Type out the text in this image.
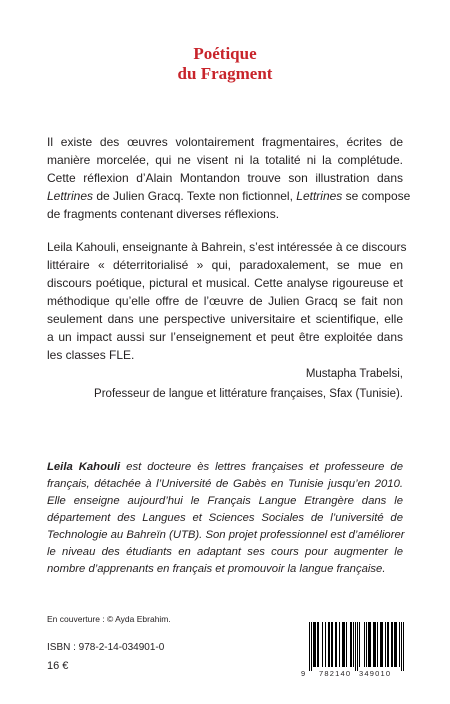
Poétique
du Fragment
Il existe des œuvres volontairement fragmentaires, écrites de
manière morcelée, qui ne visent ni la totalité ni la complétude.
Cette réflexion d’Alain Montandon trouve son illustration dans
Lettrines de Julien Gracq. Texte non fictionnel, Lettrines se compose
de fragments contenant diverses réflexions.
Leila Kahouli, enseignante à Bahrein, s’est intéressée à ce discours
littéraire « déterritorialisé » qui, paradoxalement, se mue en
discours poétique, pictural et musical. Cette analyse rigoureuse et
méthodique qu’elle offre de l’œuvre de Julien Gracq se fait non
seulement dans une perspective universitaire et scientifique, elle
a un impact aussi sur l’enseignement et peut être exploitée dans
les classes FLE.
Mustapha Trabelsi,
Professeur de langue et littérature françaises, Sfax (Tunisie).
Leila Kahouli est docteure ès lettres françaises et professeure de
français, détachée à l’Université de Gabès en Tunisie jusqu’en 2010.
Elle enseigne aujourd’hui le Français Langue Etrangère dans le
département des Langues et Sciences Sociales de l’université de
Technologie au Bahreïn (UTB). Son projet professionnel est d’améliorer
le niveau des étudiants en adaptant ses cours pour augmenter le
nombre d’apprenants en français et promouvoir la langue française.
En couverture : © Ayda Ebrahim.
ISBN : 978-2-14-034901-0
16 €
9 782140 349010
